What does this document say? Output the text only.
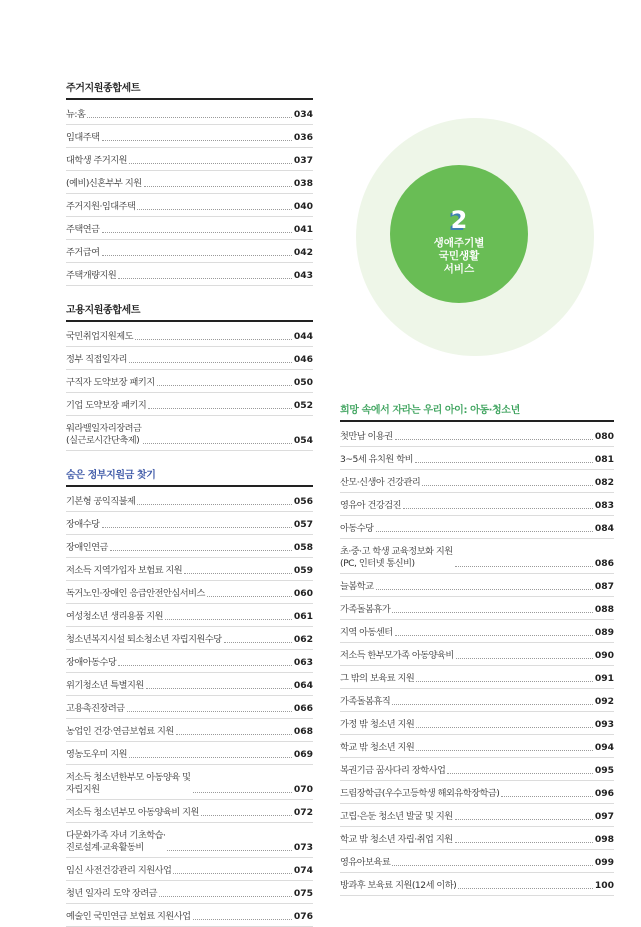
주거지원종합세트
뉴:홈	034
임대주택	036
대학생 주거지원	037
(예비)신혼부부 지원	038
주거지원·임대주택	040
주택연금	041
주거급여	042
주택개량지원	043
고용지원종합세트
국민취업지원제도	044
정부 직접일자리	046
구직자 도약보장 패키지	050
기업 도약보장 패키지	052
워라밸일자리장려금
(실근로시간단축제)	054
숨은 정부지원금 찾기
기본형 공익직불제	056
장애수당	057
장애인연금	058
저소득 지역가입자 보험료 지원	059
독거노인·장애인 응급안전안심서비스	060
여성청소년 생리용품 지원	061
청소년복지시설 퇴소청소년 자립지원수당	062
장애아동수당	063
위기청소년 특별지원	064
고용촉진장려금	066
농업인 건강·연금보험료 지원	068
영농도우미 지원	069
저소득 청소년한부모 아동양육 및
자립지원	070
저소득 청소년부모 아동양육비 지원	072
다문화가족 자녀 기초학습·
진로설계·교육활동비	073
임신 사전건강관리 지원사업	074
청년 일자리 도약 장려금	075
예술인 국민연금 보험료 지원사업	076
2
생애주기별
국민생활
서비스
희망 속에서 자라는 우리 아이: 아동·청소년
첫만남 이용권	080
3~5세 유치원 학비	081
산모·신생아 건강관리	082
영유아 건강검진	083
아동수당	084
초·중·고 학생 교육정보화 지원
(PC, 인터넷 통신비)	086
늘봄학교	087
가족돌봄휴가	088
지역 아동센터	089
저소득 한부모가족 아동양육비	090
그 밖의 보육료 지원	091
가족돌봄휴직	092
가정 밖 청소년 지원	093
학교 밖 청소년 지원	094
복권기금 꿈사다리 장학사업	095
드림장학금(우수고등학생 해외유학장학금)	096
고립·은둔 청소년 발굴 및 지원	097
학교 밖 청소년 자립·취업 지원	098
영유아보육료	099
방과후 보육료 지원(12세 이하)	100
